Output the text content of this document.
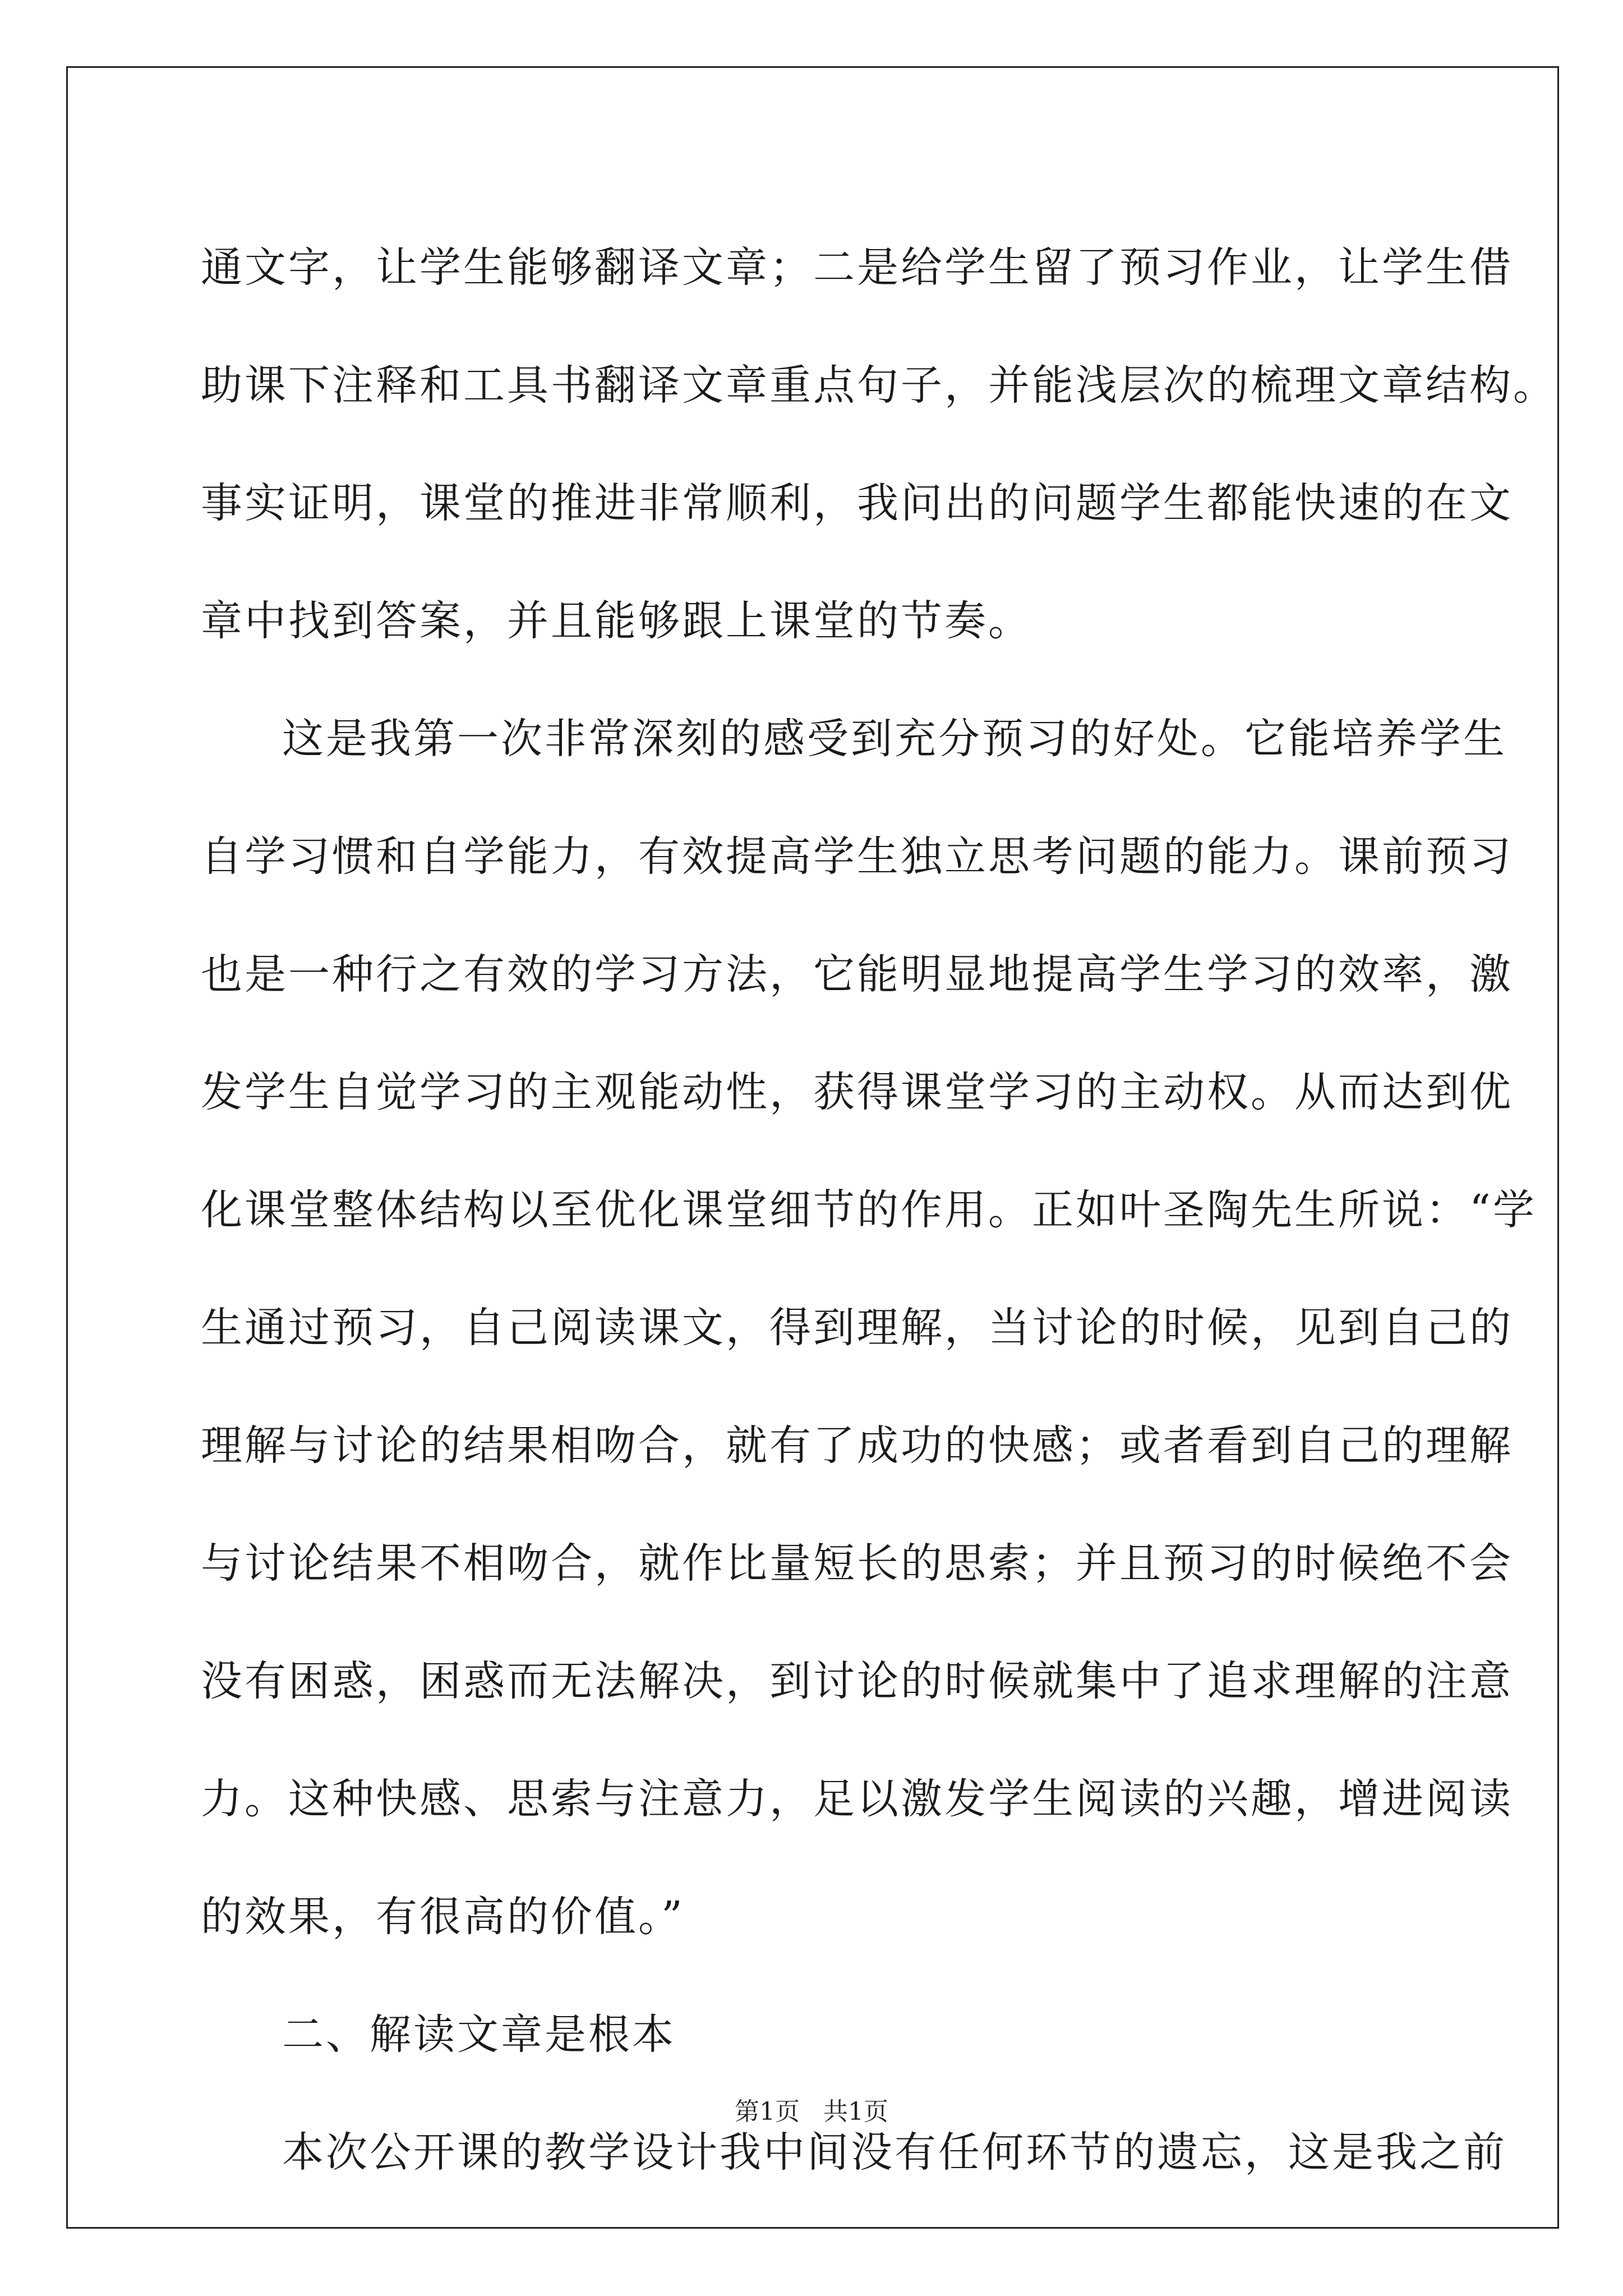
通文字，让学生能够翻译文章；二是给学生留了预习作业，让学生借
助课下注释和工具书翻译文章重点句子，并能浅层次的梳理文章结构。
事实证明，课堂的推进非常顺利，我问出的问题学生都能快速的在文
章中找到答案，并且能够跟上课堂的节奏。
这是我第一次非常深刻的感受到充分预习的好处。它能培养学生
自学习惯和自学能力，有效提高学生独立思考问题的能力。课前预习
也是一种行之有效的学习方法，它能明显地提高学生学习的效率，激
发学生自觉学习的主观能动性，获得课堂学习的主动权。从而达到优
化课堂整体结构以至优化课堂细节的作用。正如叶圣陶先生所说：“学
生通过预习，自己阅读课文，得到理解，当讨论的时候，见到自己的
理解与讨论的结果相吻合，就有了成功的快感；或者看到自己的理解
与讨论结果不相吻合，就作比量短长的思索；并且预习的时候绝不会
没有困惑，困惑而无法解决，到讨论的时候就集中了追求理解的注意
力。这种快感、思索与注意力，足以激发学生阅读的兴趣，增进阅读
的效果，有很高的价值。”
二、解读文章是根本
本次公开课的教学设计我中间没有任何环节的遗忘，这是我之前
第1页   共1页
